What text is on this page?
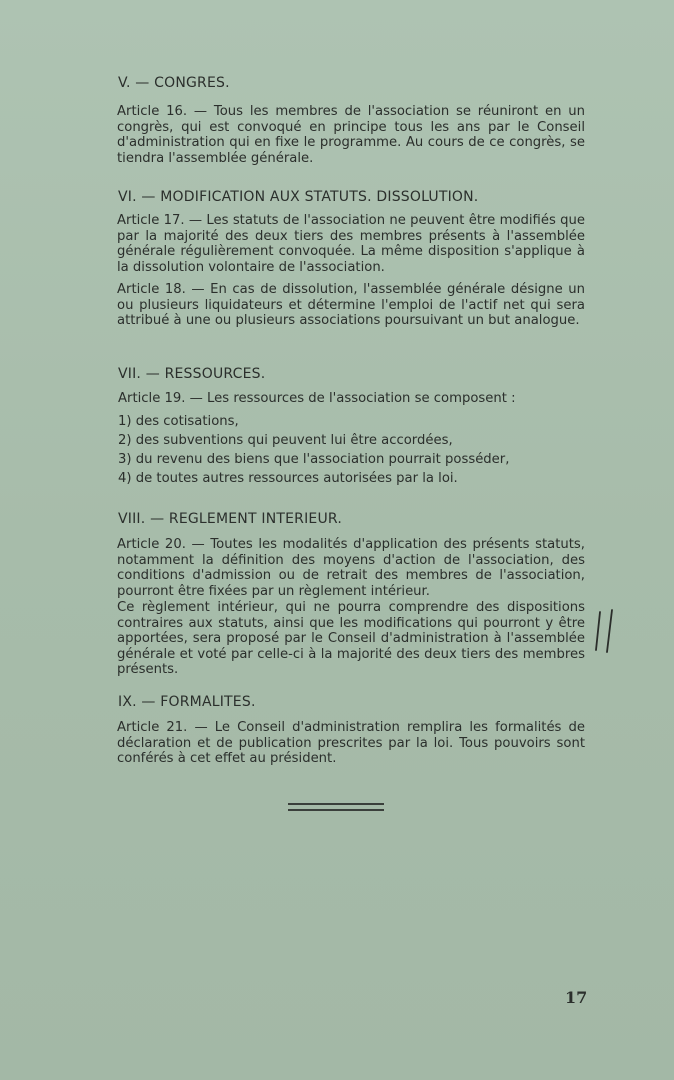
V. — CONGRES.
Article 16. — Tous les membres de l'association se réuniront en un congrès, qui est convoqué en principe tous les ans par le Conseil d'administration qui en fixe le programme. Au cours de ce congrès, se tiendra l'assemblée générale.
VI. — MODIFICATION AUX STATUTS. DISSOLUTION.
Article 17. — Les statuts de l'association ne peuvent être modifiés que par la majorité des deux tiers des membres présents à l'assemblée générale régulièrement convoquée. La même disposition s'applique à la dissolution volontaire de l'association.
Article 18. — En cas de dissolution, l'assemblée générale désigne un ou plusieurs liquidateurs et détermine l'emploi de l'actif net qui sera attribué à une ou plusieurs associations poursuivant un but analogue.
VII. — RESSOURCES.
Article 19. — Les ressources de l'association se composent :
1) des cotisations,
2) des subventions qui peuvent lui être accordées,
3) du revenu des biens que l'association pourrait posséder,
4) de toutes autres ressources autorisées par la loi.
VIII. — REGLEMENT INTERIEUR.
Article 20. — Toutes les modalités d'application des présents statuts, notamment la définition des moyens d'action de l'association, des conditions d'admission ou de retrait des membres de l'association, pourront être fixées par un règlement intérieur.
Ce règlement intérieur, qui ne pourra comprendre des dispositions contraires aux statuts, ainsi que les modifications qui pourront y être apportées, sera proposé par le Conseil d'administration à l'assemblée générale et voté par celle-ci à la majorité des deux tiers des membres présents.
IX. — FORMALITES.
Article 21. — Le Conseil d'administration remplira les formalités de déclaration et de publication prescrites par la loi. Tous pouvoirs sont conférés à cet effet au président.
17
